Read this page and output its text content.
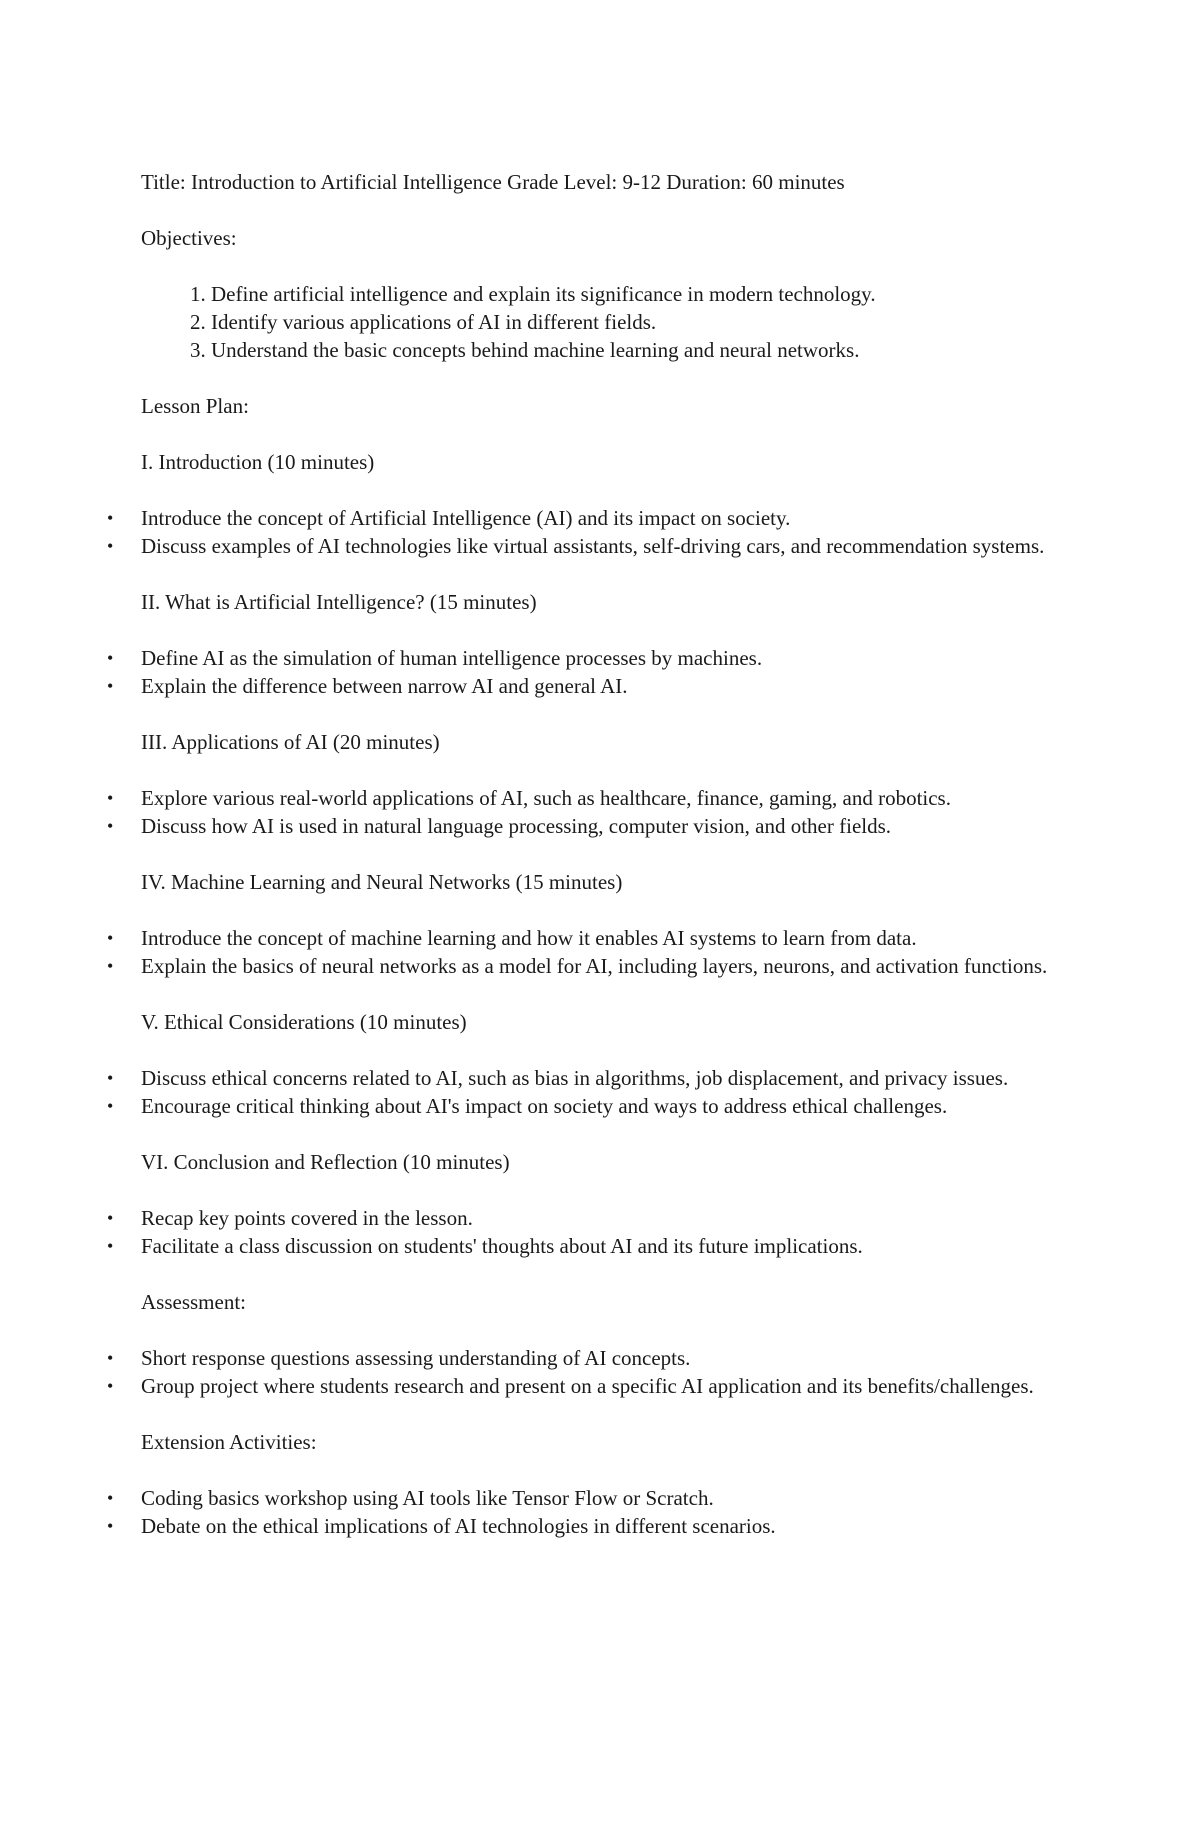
Title: Introduction to Artificial Intelligence Grade Level: 9-12 Duration: 60 minutes

Objectives:

1. Define artificial intelligence and explain its significance in modern technology.
2. Identify various applications of AI in different fields.
3. Understand the basic concepts behind machine learning and neural networks.

Lesson Plan:

I. Introduction (10 minutes)

• Introduce the concept of Artificial Intelligence (AI) and its impact on society.
• Discuss examples of AI technologies like virtual assistants, self-driving cars, and recommendation systems.

II. What is Artificial Intelligence? (15 minutes)

• Define AI as the simulation of human intelligence processes by machines.
• Explain the difference between narrow AI and general AI.

III. Applications of AI (20 minutes)

• Explore various real-world applications of AI, such as healthcare, finance, gaming, and robotics.
• Discuss how AI is used in natural language processing, computer vision, and other fields.

IV. Machine Learning and Neural Networks (15 minutes)

• Introduce the concept of machine learning and how it enables AI systems to learn from data.
• Explain the basics of neural networks as a model for AI, including layers, neurons, and activation functions.

V. Ethical Considerations (10 minutes)

• Discuss ethical concerns related to AI, such as bias in algorithms, job displacement, and privacy issues.
• Encourage critical thinking about AI's impact on society and ways to address ethical challenges.

VI. Conclusion and Reflection (10 minutes)

• Recap key points covered in the lesson.
• Facilitate a class discussion on students' thoughts about AI and its future implications.

Assessment:

• Short response questions assessing understanding of AI concepts.
• Group project where students research and present on a specific AI application and its benefits/challenges.

Extension Activities:

• Coding basics workshop using AI tools like Tensor Flow or Scratch.
• Debate on the ethical implications of AI technologies in different scenarios.
